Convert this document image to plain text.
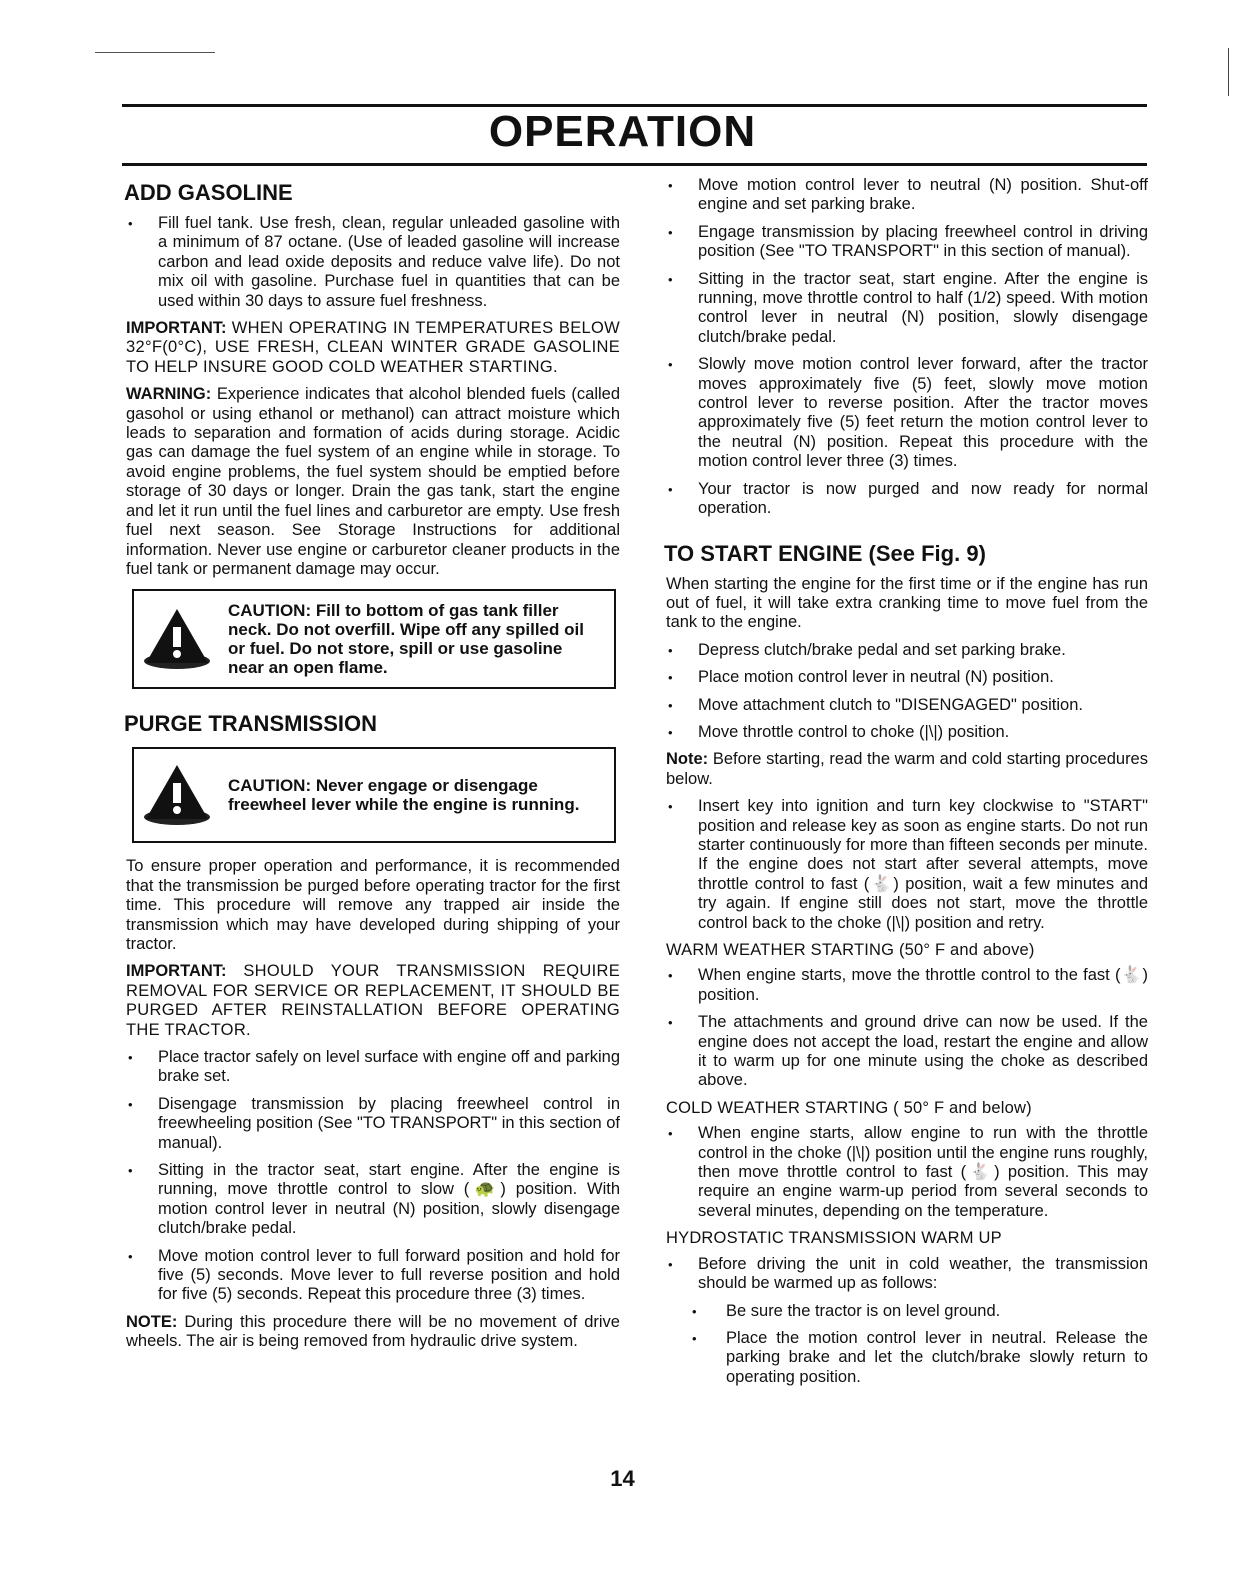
OPERATION
ADD GASOLINE
• Fill fuel tank. Use fresh, clean, regular unleaded gasoline with a minimum of 87 octane. (Use of leaded gasoline will increase carbon and lead oxide deposits and reduce valve life). Do not mix oil with gasoline. Purchase fuel in quantities that can be used within 30 days to assure fuel freshness.

IMPORTANT: WHEN OPERATING IN TEMPERATURES BELOW 32°F(0°C), USE FRESH, CLEAN WINTER GRADE GASOLINE TO HELP INSURE GOOD COLD WEATHER STARTING.

WARNING: Experience indicates that alcohol blended fuels (called gasohol or using ethanol or methanol) can attract moisture which leads to separation and formation of acids during storage. Acidic gas can damage the fuel system of an engine while in storage. To avoid engine problems, the fuel system should be emptied before storage of 30 days or longer. Drain the gas tank, start the engine and let it run until the fuel lines and carburetor are empty. Use fresh fuel next season. See Storage Instructions for additional information. Never use engine or carburetor cleaner products in the fuel tank or permanent damage may occur.

CAUTION: Fill to bottom of gas tank filler neck. Do not overfill. Wipe off any spilled oil or fuel. Do not store, spill or use gasoline near an open flame.
PURGE TRANSMISSION
CAUTION: Never engage or disengage freewheel lever while the engine is running.

To ensure proper operation and performance, it is recommended that the transmission be purged before operating tractor for the first time. This procedure will remove any trapped air inside the transmission which may have developed during shipping of your tractor.

IMPORTANT: SHOULD YOUR TRANSMISSION REQUIRE REMOVAL FOR SERVICE OR REPLACEMENT, IT SHOULD BE PURGED AFTER REINSTALLATION BEFORE OPERATING THE TRACTOR.

• Place tractor safely on level surface with engine off and parking brake set.
• Disengage transmission by placing freewheel control in freewheeling position (See "TO TRANSPORT" in this section of manual).
• Sitting in the tractor seat, start engine. After the engine is running, move throttle control to slow (🐢) position. With motion control lever in neutral (N) position, slowly disengage clutch/brake pedal.
• Move motion control lever to full forward position and hold for five (5) seconds. Move lever to full reverse position and hold for five (5) seconds. Repeat this procedure three (3) times.

NOTE: During this procedure there will be no movement of drive wheels. The air is being removed from hydraulic drive system.

• Move motion control lever to neutral (N) position. Shut-off engine and set parking brake.
• Engage transmission by placing freewheel control in driving position (See "TO TRANSPORT" in this section of manual).
• Sitting in the tractor seat, start engine. After the engine is running, move throttle control to half (1/2) speed. With motion control lever in neutral (N) position, slowly disengage clutch/brake pedal.
• Slowly move motion control lever forward, after the tractor moves approximately five (5) feet, slowly move motion control lever to reverse position. After the tractor moves approximately five (5) feet return the motion control lever to the neutral (N) position. Repeat this procedure with the motion control lever three (3) times.
• Your tractor is now purged and now ready for normal operation.
TO START ENGINE (See Fig. 9)

When starting the engine for the first time or if the engine has run out of fuel, it will take extra cranking time to move fuel from the tank to the engine.

• Depress clutch/brake pedal and set parking brake.
• Place motion control lever in neutral (N) position.
• Move attachment clutch to "DISENGAGED" position.
• Move throttle control to choke (|\|) position.

Note: Before starting, read the warm and cold starting procedures below.

• Insert key into ignition and turn key clockwise to "START" position and release key as soon as engine starts. Do not run starter continuously for more than fifteen seconds per minute. If the engine does not start after several attempts, move throttle control to fast (🐇) position, wait a few minutes and try again. If engine still does not start, move the throttle control back to the choke (|\|) position and retry.
WARM WEATHER STARTING (50° F and above)
• When engine starts, move the throttle control to the fast (🐇) position.
• The attachments and ground drive can now be used. If the engine does not accept the load, restart the engine and allow it to warm up for one minute using the choke as described above.
COLD WEATHER STARTING ( 50° F and below)
• When engine starts, allow engine to run with the throttle control in the choke (|\|) position until the engine runs roughly, then move throttle control to fast (🐇) position. This may require an engine warm-up period from several seconds to several minutes, depending on the temperature.
HYDROSTATIC TRANSMISSION WARM UP
• Before driving the unit in cold weather, the transmission should be warmed up as follows:
• Be sure the tractor is on level ground.
• Place the motion control lever in neutral. Release the parking brake and let the clutch/brake slowly return to operating position.
14
